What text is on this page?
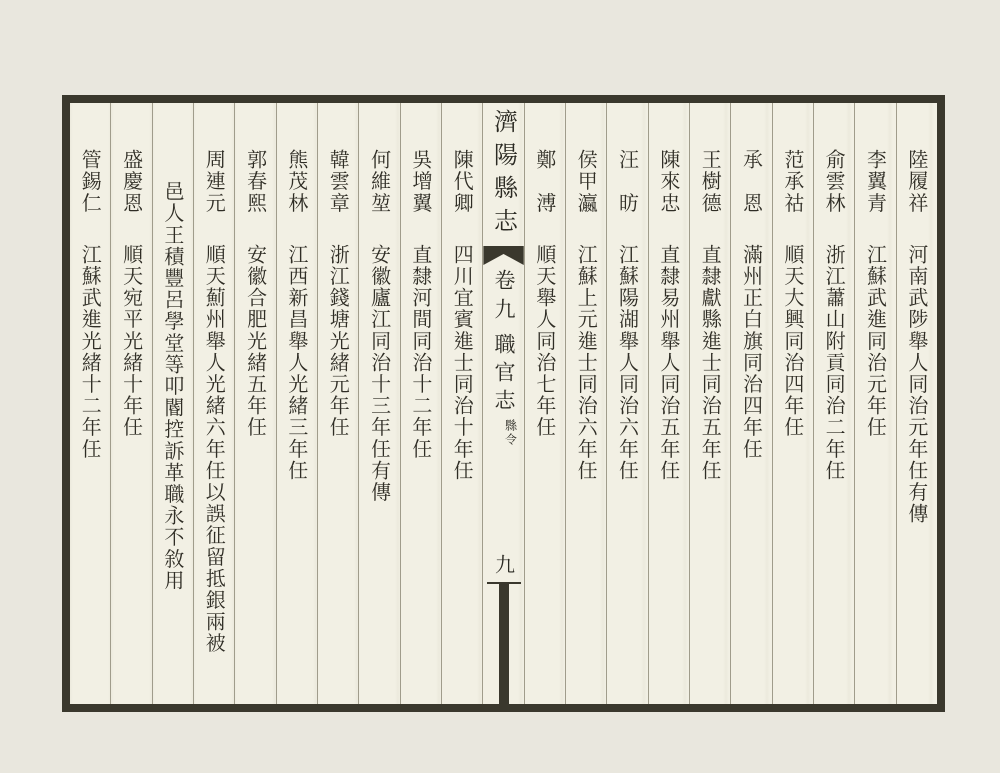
陸履祥河南武陟舉人同治元年任有傳
李翼青江蘇武進同治元年任
俞雲林浙江蕭山附貢同治二年任
范承祜順天大興同治四年任
承　恩滿州正白旗同治四年任
王樹德直隸獻縣進士同治五年任
陳來忠直隸易州舉人同治五年任
汪　昉江蘇陽湖舉人同治六年任
侯甲瀛江蘇上元進士同治六年任
鄭　溥順天舉人同治七年任
濟陽縣志
卷九
職官志
縣令
九
陳代卿四川宜賓進士同治十年任
吳增翼直隸河間同治十二年任
何維堃安徽廬江同治十三年任有傳
韓雲章浙江錢塘光緒元年任
熊茂林江西新昌舉人光緒三年任
郭春熙安徽合肥光緒五年任
周連元順天薊州舉人光緒六年任以誤征留抵銀兩被
邑人王積豐呂學堂等叩閽控訴革職永不敘用
盛慶恩順天宛平光緒十年任
管錫仁江蘇武進光緒十二年任
